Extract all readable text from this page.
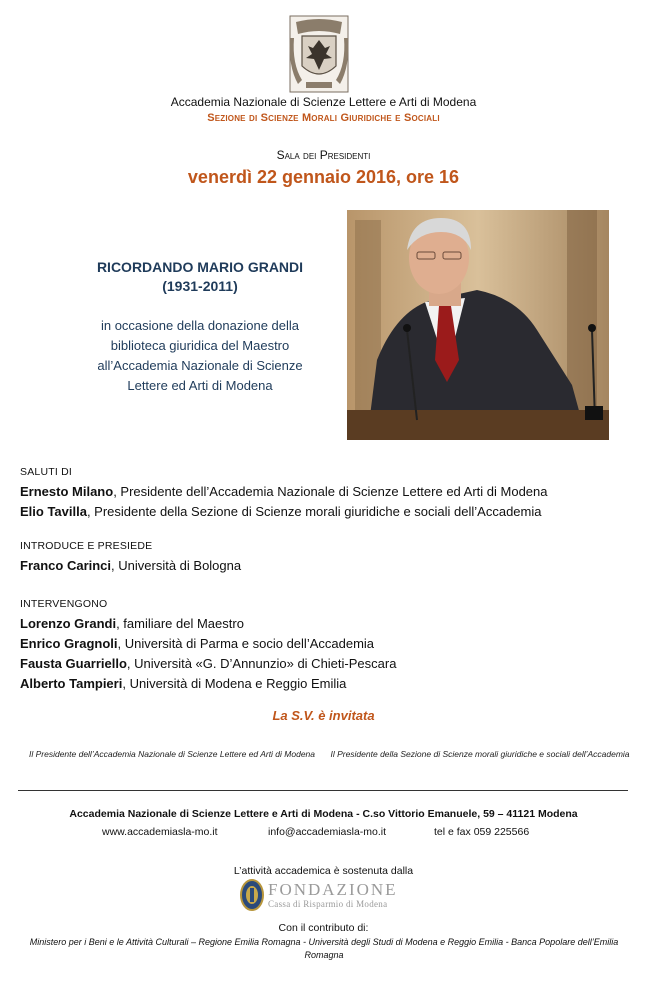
Accademia Nazionale di Scienze Lettere e Arti di Modena
Sezione di Scienze Morali Giuridiche e Sociali
Sala dei Presidenti
venerdì 22 gennaio 2016, ore 16
RICORDANDO MARIO GRANDI
(1931-2011)
in occasione della donazione della biblioteca giuridica del Maestro all’Accademia Nazionale di Scienze Lettere ed Arti di Modena
SALUTI DI
Ernesto Milano, Presidente dell’Accademia Nazionale di Scienze Lettere ed Arti di Modena
Elio Tavilla, Presidente della Sezione di Scienze morali giuridiche e sociali dell’Accademia
INTRODUCE E PRESIEDE
Franco Carinci, Università di Bologna
INTERVENGONO
Lorenzo Grandi, familiare del Maestro
Enrico Gragnoli, Università di Parma e socio dell’Accademia
Fausta Guarriello, Università «G. D’Annunzio» di Chieti-Pescara
Alberto Tampieri, Università di Modena e Reggio Emilia
La S.V. è invitata
Il Presidente dell’Accademia Nazionale di Scienze Lettere ed Arti di Modena	Il Presidente della Sezione di Scienze morali giuridiche e sociali dell’Accademia
Accademia Nazionale di Scienze Lettere e Arti di Modena - C.so Vittorio Emanuele, 59 – 41121 Modena
www.accademiasla-mo.it	info@accademiasla-mo.it	tel e fax 059 225566
L’attività accademica è sostenuta dalla
FONDAZIONE
Cassa di Risparmio di Modena
Con il contributo di:
Ministero per i Beni e le Attività Culturali – Regione Emilia Romagna - Università degli Studi di Modena e Reggio Emilia - Banca Popolare dell’Emilia Romagna
